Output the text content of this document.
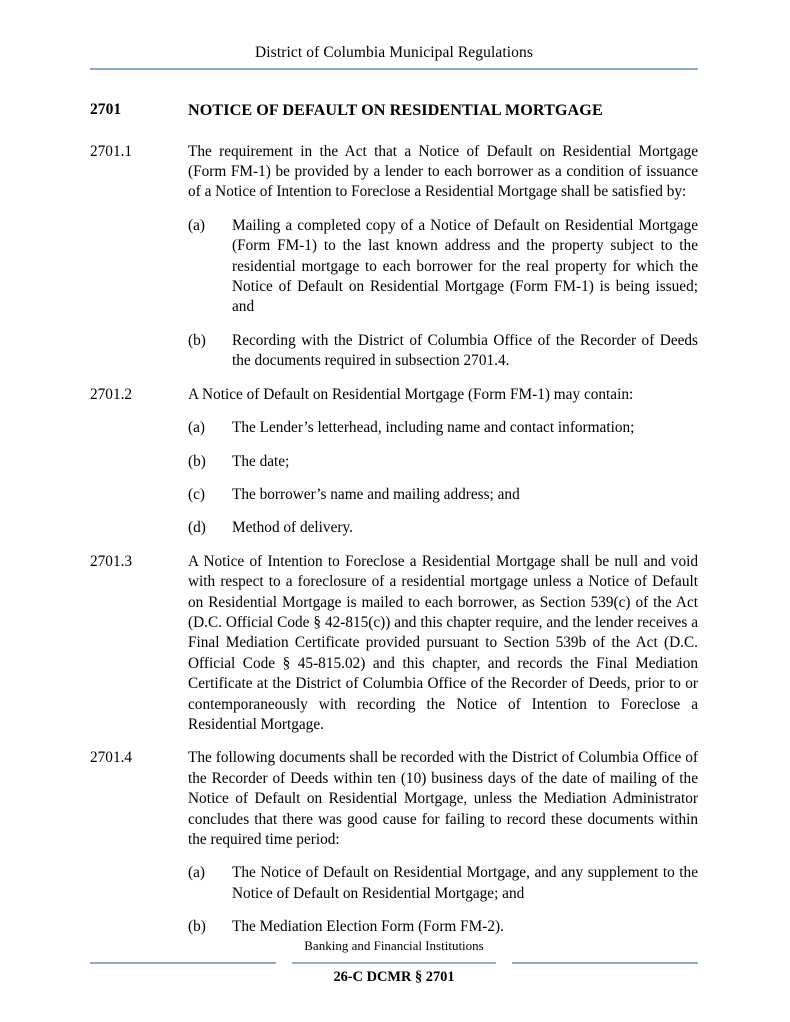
District of Columbia Municipal Regulations
2701	NOTICE OF DEFAULT ON RESIDENTIAL MORTGAGE
2701.1	The requirement in the Act that a Notice of Default on Residential Mortgage (Form FM-1) be provided by a lender to each borrower as a condition of issuance of a Notice of Intention to Foreclose a Residential Mortgage shall be satisfied by:
(a)	Mailing a completed copy of a Notice of Default on Residential Mortgage (Form FM-1) to the last known address and the property subject to the residential mortgage to each borrower for the real property for which the Notice of Default on Residential Mortgage (Form FM-1) is being issued; and
(b)	Recording with the District of Columbia Office of the Recorder of Deeds the documents required in subsection 2701.4.
2701.2	A Notice of Default on Residential Mortgage (Form FM-1) may contain:
(a)	The Lender’s letterhead, including name and contact information;
(b)	The date;
(c)	The borrower’s name and mailing address; and
(d)	Method of delivery.
2701.3	A Notice of Intention to Foreclose a Residential Mortgage shall be null and void with respect to a foreclosure of a residential mortgage unless a Notice of Default on Residential Mortgage is mailed to each borrower, as Section 539(c) of the Act (D.C. Official Code § 42-815(c)) and this chapter require, and the lender receives a Final Mediation Certificate provided pursuant to Section 539b of the Act (D.C. Official Code § 45-815.02) and this chapter, and records the Final Mediation Certificate at the District of Columbia Office of the Recorder of Deeds, prior to or contemporaneously with recording the Notice of Intention to Foreclose a Residential Mortgage.
2701.4	The following documents shall be recorded with the District of Columbia Office of the Recorder of Deeds within ten (10) business days of the date of mailing of the Notice of Default on Residential Mortgage, unless the Mediation Administrator concludes that there was good cause for failing to record these documents within the required time period:
(a)	The Notice of Default on Residential Mortgage, and any supplement to the Notice of Default on Residential Mortgage; and
(b)	The Mediation Election Form (Form FM-2).
Banking and Financial Institutions
26-C DCMR § 2701
